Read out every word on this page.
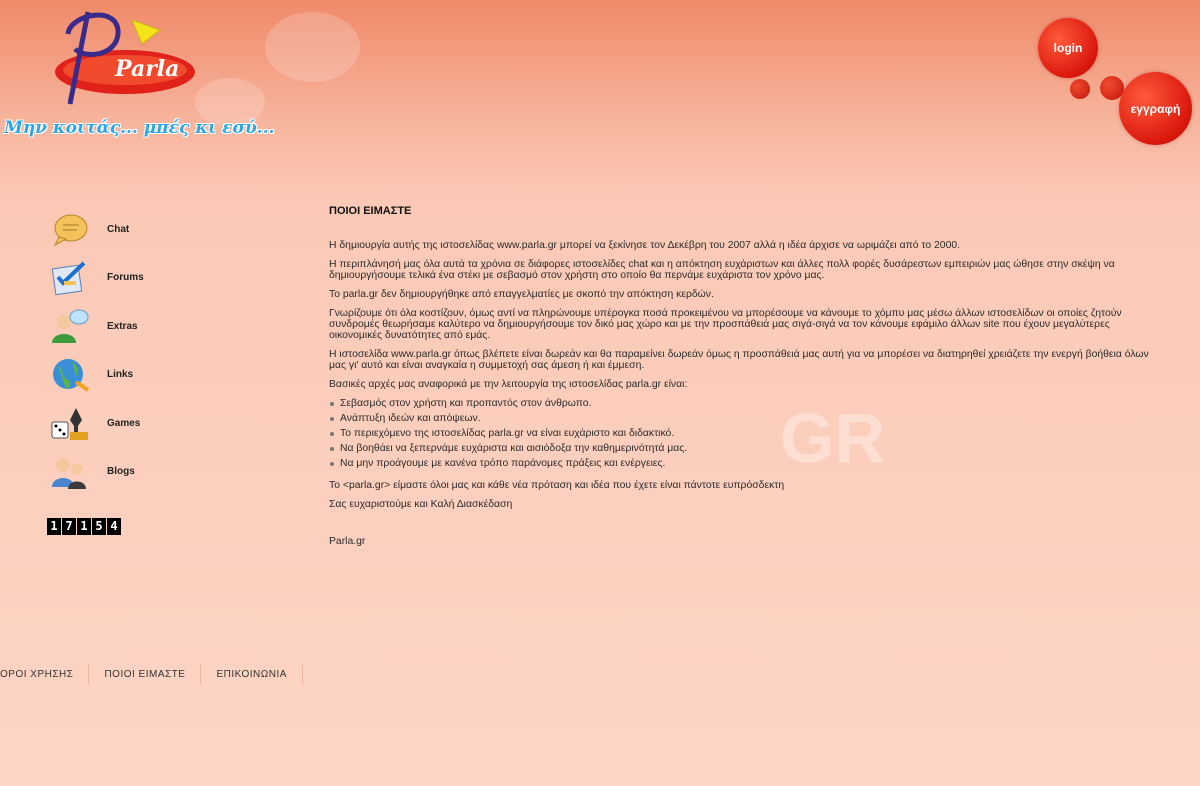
Parla
Μην κοιτάς... μπές κι εσύ...
login
εγγραφή
Chat
Forums
Extras
Links
Games
Blogs
1 7 1 5 4
GR
ΠΟΙΟΙ ΕΙΜΑΣΤΕ

Η δημιουργία αυτής της ιστοσελίδας www.parla.gr μπορεί να ξεκίνησε τον Δεκέβρη του 2007 αλλά η ιδέα άρχισε να ωριμάζει από το 2000.

Η περιπλάνησή μας όλα αυτά τα χρόνια σε διάφορες ιστοσελίδες chat και η απόκτηση ευχάριστων και άλλες πολλ φορές δυσάρεστων εμπειριών μας ώθησε στην σκέψη να δημιουργήσουμε τελικά ένα στέκι με σεβασμό στον χρήστη στο οποίο θα περνάμε ευχάριστα τον χρόνο μας.

Το parla.gr δεν δημιουργήθηκε από επαγγελματίες με σκοπό την απόκτηση κερδών.

Γνωρίζουμε ότι όλα κοστίζουν, όμως αντί να πληρώνουμε υπέρογκα ποσά προκειμένου να μπορέσουμε να κάνουμε το χόμπυ μας μέσω άλλων ιστοσελίδων οι οποίες ζητούν συνδρομές θεωρήσαμε καλύτερο να δημιουργήσουμε τον δικό μας χώρο και με την προσπάθειά μας σιγά-σιγά να τον κάνουμε εφάμιλο άλλων site που έχουν μεγαλύτερες οικονομικές δυνατότητες από εμάς.

Η ιστοσελίδα www.parla.gr όπως βλέπετε είναι δωρεάν και θα παραμείνει δωρεάν όμως η προσπάθειά μας αυτή για να μπορέσει να διατηρηθεί χρειάζετε την ενεργή βοήθεια όλων μας γι' αυτό και είναι αναγκαία η συμμετοχή σας άμεση ή και έμμεση.

Βασικές αρχές μας αναφορικά με την λειτουργία της ιστοσελίδας parla.gr είναι:

Σεβασμός στον χρήστη και προπαντός στον άνθρωπο.
Ανάπτυξη ιδεών και απόψεων.
Το περιεχόμενο της ιστοσελίδας parla.gr να είναι ευχάριστο και διδακτικό.
Να βοηθάει να ξεπερνάμε ευχάριστα και αισιόδοξα την καθημερινότητά μας.
Να μην προάγουμε με κανένα τρόπο παράνομες πράξεις και ενέργειες.

Το <parla.gr> είμαστε όλοι μας και κάθε νέα πρόταση και ιδέα που έχετε είναι πάντοτε ευπρόσδεκτη

Σας ευχαριστούμε και Καλή Διασκέδαση

Parla.gr

ΟΡΟΙ ΧΡΗΣΗΣ	ΠΟΙΟΙ ΕΙΜΑΣΤΕ	ΕΠΙΚΟΙΝΩΝΙΑ
